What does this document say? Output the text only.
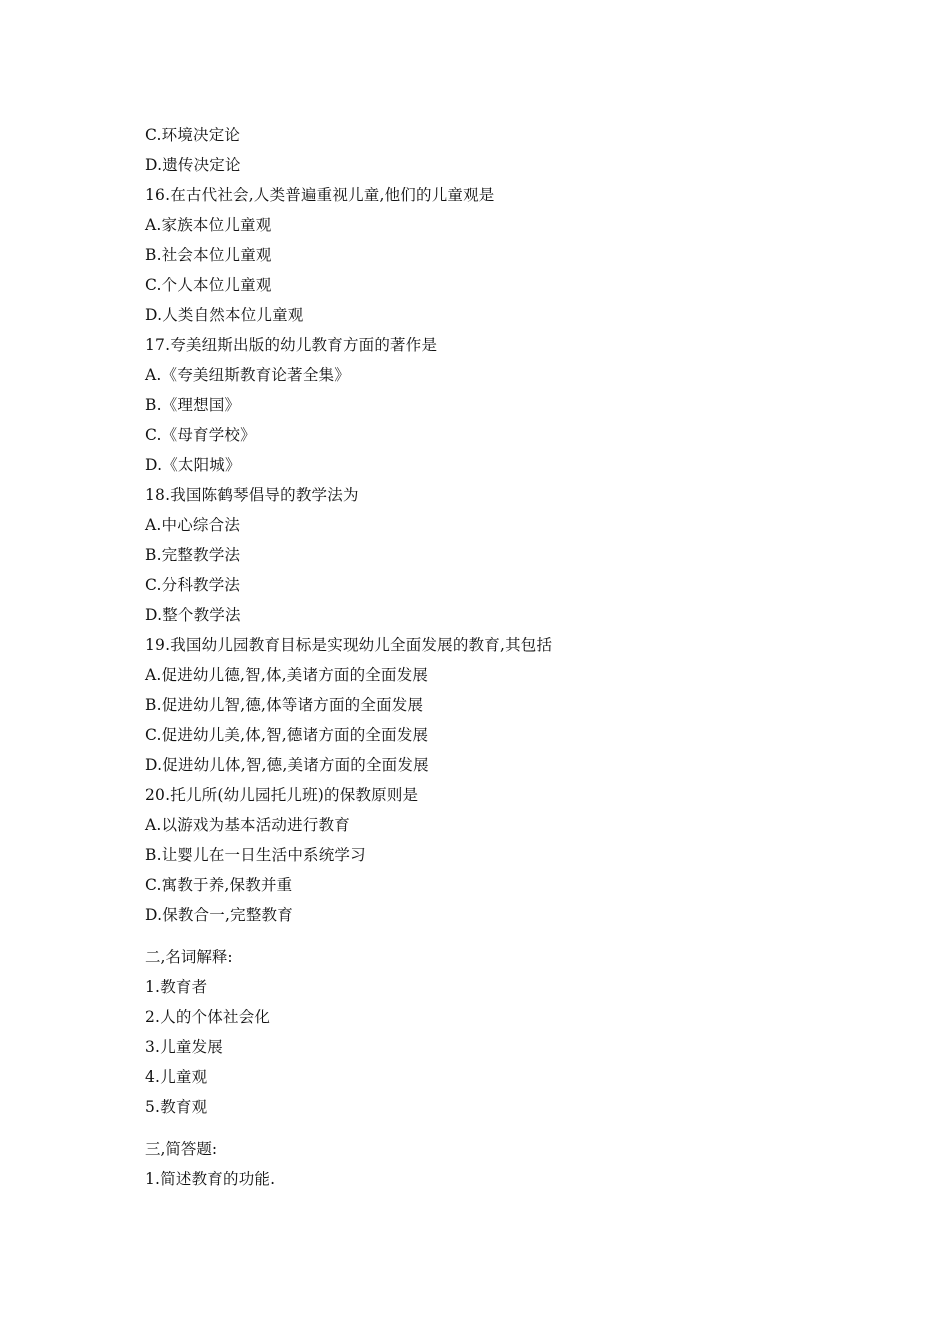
C.环境决定论
D.遗传决定论
16.在古代社会,人类普遍重视儿童,他们的儿童观是
A.家族本位儿童观
B.社会本位儿童观
C.个人本位儿童观
D.人类自然本位儿童观
17.夸美纽斯出版的幼儿教育方面的著作是
A.《夸美纽斯教育论著全集》
B.《理想国》
C.《母育学校》
D.《太阳城》
18.我国陈鹤琴倡导的教学法为
A.中心综合法
B.完整教学法
C.分科教学法
D.整个教学法
19.我国幼儿园教育目标是实现幼儿全面发展的教育,其包括
A.促进幼儿德,智,体,美诸方面的全面发展
B.促进幼儿智,德,体等诸方面的全面发展
C.促进幼儿美,体,智,德诸方面的全面发展
D.促进幼儿体,智,德,美诸方面的全面发展
20.托儿所(幼儿园托儿班)的保教原则是
A.以游戏为基本活动进行教育
B.让婴儿在一日生活中系统学习
C.寓教于养,保教并重
D.保教合一,完整教育
二,名词解释:
1.教育者
2.人的个体社会化
3.儿童发展
4.儿童观
5.教育观
三,简答题:
1.简述教育的功能.
